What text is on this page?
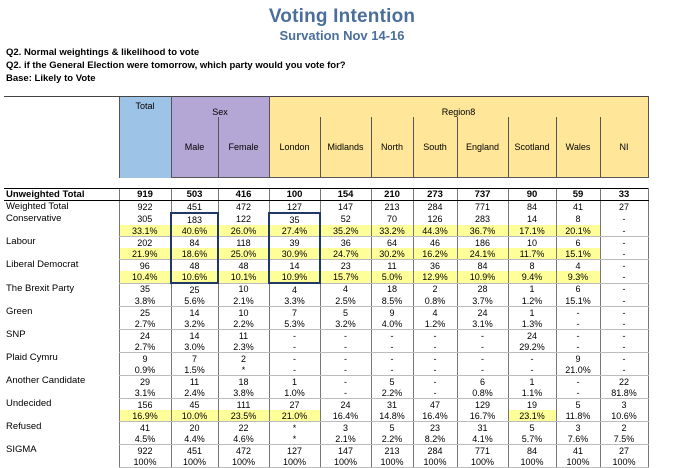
Voting Intention
Survation Nov 14-16
Q2. Normal weightings & likelihood to vote
Q2. if the General Election were tomorrow, which party would you vote for?
Base: Likely to Vote
	Total	Sex		Region8							
		Male	Female	London	Midlands	North	South	England	Scotland	Wales	NI

Unweighted Total	919	503	416	100	154	210	273	737	90	59	33
Weighted Total	922	451	472	127	147	213	284	771	84	41	27
Conservative	305	183	122	35	52	70	126	283	14	8	-
	33.1%	40.6%	26.0%	27.4%	35.2%	33.2%	44.3%	36.7%	17.1%	20.1%	-
Labour	202	84	118	39	36	64	46	186	10	6	-
	21.9%	18.6%	25.0%	30.9%	24.7%	30.2%	16.2%	24.1%	11.7%	15.1%	-
Liberal Democrat	96	48	48	14	23	11	36	84	8	4	-
	10.4%	10.6%	10.1%	10.9%	15.7%	5.0%	12.9%	10.9%	9.4%	9.3%	-
The Brexit Party	35	25	10	4	4	18	2	28	1	6	-
	3.8%	5.6%	2.1%	3.3%	2.5%	8.5%	0.8%	3.7%	1.2%	15.1%	-
Green	25	14	10	7	5	9	4	24	1	-	-
	2.7%	3.2%	2.2%	5.3%	3.2%	4.0%	1.2%	3.1%	1.3%	-	-
SNP	24	14	11	-	-	-	-	-	24	-	-
	2.7%	3.0%	2.3%	-	-	-	-	-	29.2%	-	-
Plaid Cymru	9	7	2	-	-	-	-	-	-	9	-
	0.9%	1.5%	*	-	-	-	-	-	-	21.0%	-
Another Candidate	29	11	18	1	-	5	-	6	1	-	22
	3.1%	2.4%	3.8%	1.0%	-	2.2%	-	0.8%	1.1%	-	81.8%
Undecided	156	45	111	27	24	31	47	129	19	5	3
	16.9%	10.0%	23.5%	21.0%	16.4%	14.8%	16.4%	16.7%	23.1%	11.8%	10.6%
Refused	41	20	22	*	3	5	23	31	5	3	2
	4.5%	4.4%	4.6%	*	2.1%	2.2%	8.2%	4.1%	5.7%	7.6%	7.5%
SIGMA	922	451	472	127	147	213	284	771	84	41	27
	100%	100%	100%	100%	100%	100%	100%	100%	100%	100%	100%
